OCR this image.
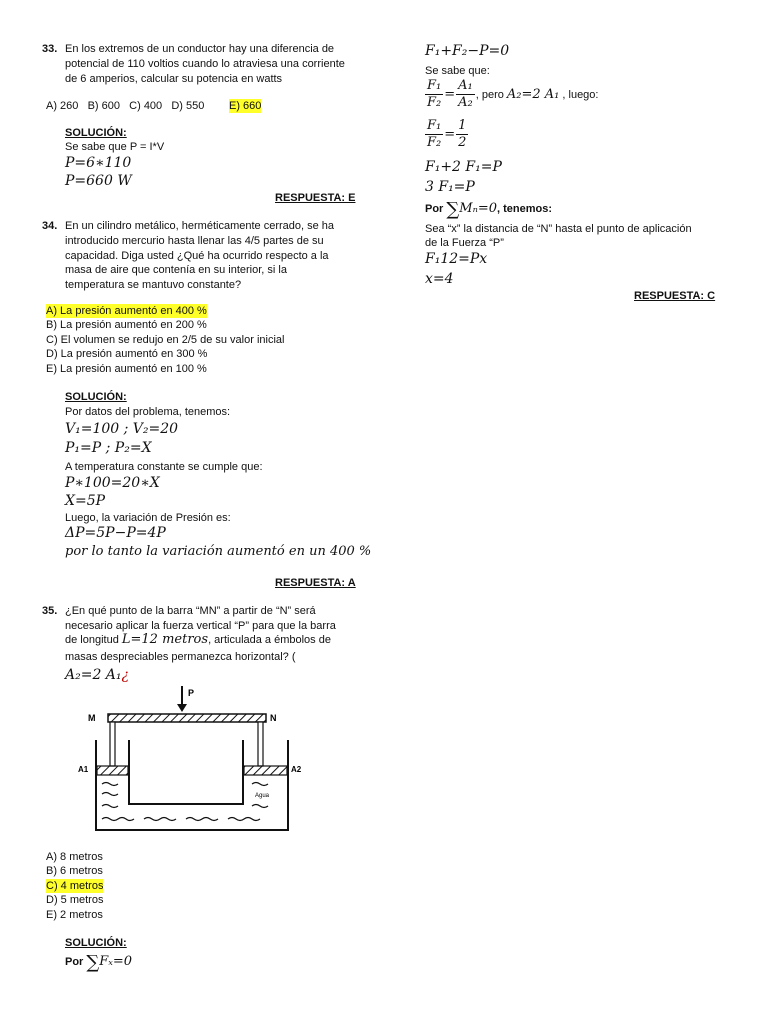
33. En los extremos de un conductor hay una diferencia de
potencial de 110 voltios cuando lo atraviesa una corriente
de 6 amperios, calcular su potencia en watts
A) 260   B) 600   C) 400   D) 550 E) 660
SOLUCIÓN:
Se sabe que P = I*V
P=6∗110
P=660 W
RESPUESTA: E
34. En un cilindro metálico, herméticamente cerrado, se ha
introducido mercurio hasta llenar las 4/5 partes de su
capacidad. Diga usted ¿Qué ha ocurrido respecto a la
masa de aire que contenía en su interior, si la
temperatura se mantuvo constante?
A) La presión aumentó en 400 %
B) La presión aumentó en 200 %
C) El volumen se redujo en 2/5 de su valor inicial
D) La presión aumentó en 300 %
E) La presión aumentó en 100 %
SOLUCIÓN:
Por datos del problema, tenemos:
V₁=100 ; V₂=20
P₁=P ; P₂=X
A temperatura constante se cumple que:
P∗100=20∗X
X=5P
Luego, la variación de Presión es:
ΔP=5P−P=4P
por lo tanto la variación aumentó en un 400 %
RESPUESTA: A
35. ¿En qué punto de la barra “MN” a partir de “N” será
necesario aplicar la fuerza vertical “P” para que la barra
de longitud L=12 metros, articulada a émbolos de
masas despreciables permanezca horizontal? (
A₂=2 A₁¿
P
M	N
A1	A2
Agua
A) 8 metros
B) 6 metros
C) 4 metros
D) 5 metros
E) 2 metros
SOLUCIÓN:
Por ∑Fₓ=0
F₁+F₂−P=0
Se sabe que:
$\frac{\text{F₁}}{\text{F₂}} = \frac{\text{A₁}}{\text{A₂}}$ , pero A₂=2 A₁ , luego:
$\frac{\text{F₁}}{\text{F₂}} = \frac{1}{2}$
F₁+2 F₁=P
3 F₁=P
Por ∑Mₙ=0, tenemos:
Sea “x” la distancia de “N” hasta el punto de aplicación
de la Fuerza “P”
F₁12=Px
x=4
RESPUESTA: C
